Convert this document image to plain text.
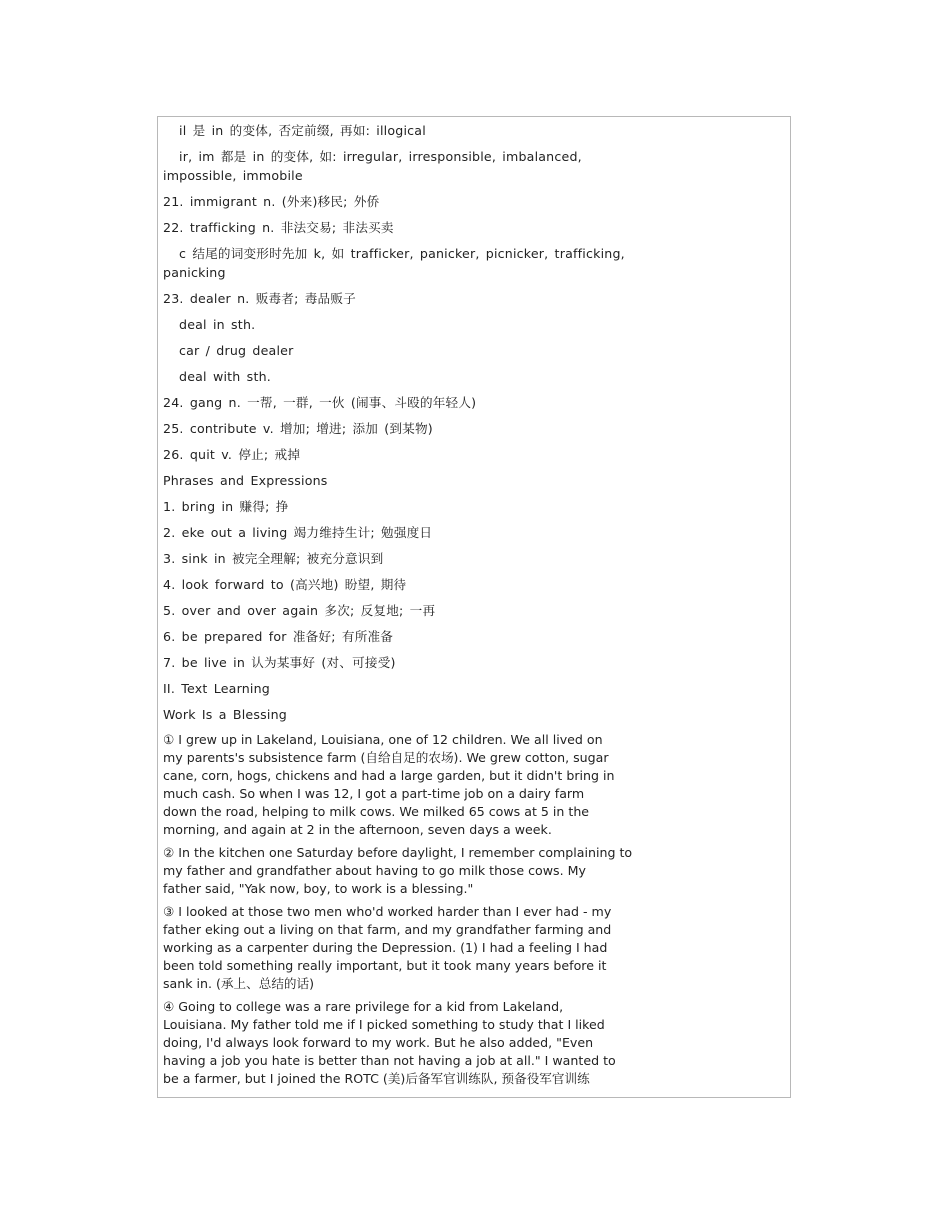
il 是 in 的变体, 否定前缀, 再如: illogical
ir, im 都是 in 的变体, 如: irregular, irresponsible, imbalanced,
impossible, immobile
21. immigrant n. (外来)移民; 外侨
22. trafficking n. 非法交易; 非法买卖
c 结尾的词变形时先加 k, 如 trafficker, panicker, picnicker, trafficking,
panicking
23. dealer n. 贩毒者; 毒品贩子
deal in sth.
car / drug dealer
deal with sth.
24. gang n. 一帮, 一群, 一伙 (闹事、斗殴的年轻人)
25. contribute v. 增加; 增进; 添加 (到某物)
26. quit v. 停止; 戒掉
Phrases and Expressions
1. bring in 赚得; 挣
2. eke out a living 竭力维持生计; 勉强度日
3. sink in 被完全理解; 被充分意识到
4. look forward to (高兴地) 盼望, 期待
5. over and over again 多次; 反复地; 一再
6. be prepared for 准备好; 有所准备
7. be live in 认为某事好 (对、可接受)
II. Text Learning
Work Is a Blessing
① I grew up in Lakeland, Louisiana, one of 12 children. We all lived on
my parents's subsistence farm (自给自足的农场). We grew cotton, sugar
cane, corn, hogs, chickens and had a large garden, but it didn't bring in
much cash. So when I was 12, I got a part-time job on a dairy farm
down the road, helping to milk cows. We milked 65 cows at 5 in the
morning, and again at 2 in the afternoon, seven days a week.
② In the kitchen one Saturday before daylight, I remember complaining to
my father and grandfather about having to go milk those cows. My
father said, "Yak now, boy, to work is a blessing."
③ I looked at those two men who'd worked harder than I ever had - my
father eking out a living on that farm, and my grandfather farming and
working as a carpenter during the Depression. (1) I had a feeling I had
been told something really important, but it took many years before it
sank in. (承上、总结的话)
④ Going to college was a rare privilege for a kid from Lakeland,
Louisiana. My father told me if I picked something to study that I liked
doing, I'd always look forward to my work. But he also added, "Even
having a job you hate is better than not having a job at all." I wanted to
be a farmer, but I joined the ROTC (美)后备军官训练队, 预备役军官训练
